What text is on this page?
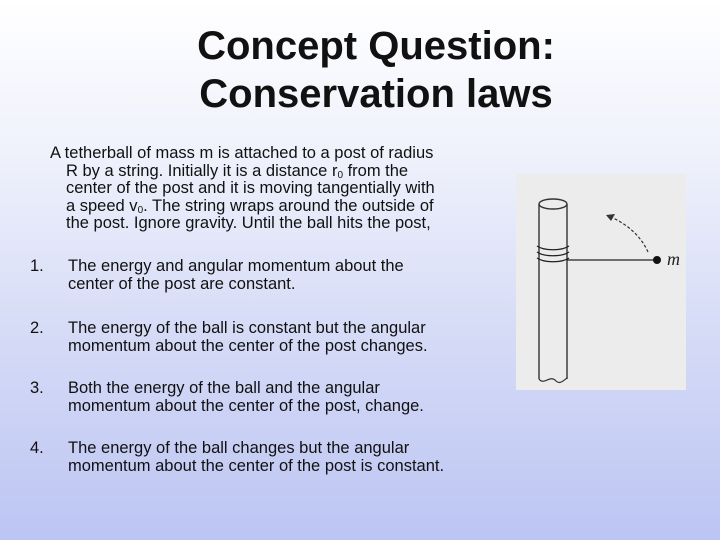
Concept Question:
Conservation laws
A tetherball of mass m is attached to a post of radius
R by a string. Initially it is a distance $r_0$ from the
center of the post and it is moving tangentially with
a speed $v_0$. The string wraps around the outside of
the post. Ignore gravity. Until the ball hits the post,
1.	The energy and angular momentum about the
center of the post are constant.
2.	The energy of the ball is constant but the angular
momentum about the center of the post changes.
3.	Both the energy of the ball and the angular
momentum about the center of the post, change.
4.	The energy of the ball changes but the angular
momentum about the center of the post is constant.
m
